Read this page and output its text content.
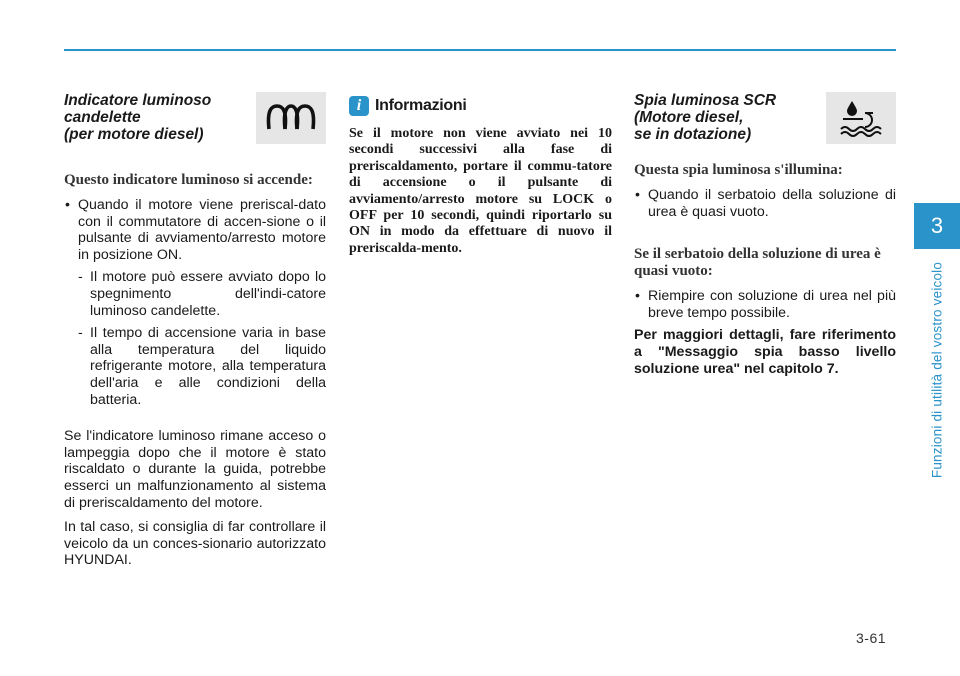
Indicatore luminoso
candelette
(per motore diesel)

Questo indicatore luminoso si accende:

• Quando il motore viene preriscal-dato con il commutatore di accen-sione o il pulsante di avviamento/arresto motore in posizione ON.

- Il motore può essere avviato dopo lo spegnimento dell'indi-catore luminoso candelette.

- Il tempo di accensione varia in base alla temperatura del liquido refrigerante motore, alla temperatura dell'aria e alle condizioni della batteria.

Se l'indicatore luminoso rimane acceso o lampeggia dopo che il motore è stato riscaldato o durante la guida, potrebbe esserci un malfunzionamento al sistema di preriscaldamento del motore.

In tal caso, si consiglia di far controllare il veicolo da un conces-sionario autorizzato HYUNDAI.

i Informazioni

Se il motore non viene avviato nei 10 secondi successivi alla fase di preriscaldamento, portare il commu-tatore di accensione o il pulsante di avviamento/arresto motore su LOCK o OFF per 10 secondi, quindi riportarlo su ON in modo da effettuare di nuovo il preriscalda-mento.

Spia luminosa SCR
(Motore diesel,
se in dotazione)

Questa spia luminosa s'illumina:

• Quando il serbatoio della soluzione di urea è quasi vuoto.

Se il serbatoio della soluzione di urea è quasi vuoto:

• Riempire con soluzione di urea nel più breve tempo possibile.

Per maggiori dettagli, fare riferimento a "Messaggio spia basso livello soluzione urea" nel capitolo 7.

3
Funzioni di utilità del vostro veicolo
3-61
